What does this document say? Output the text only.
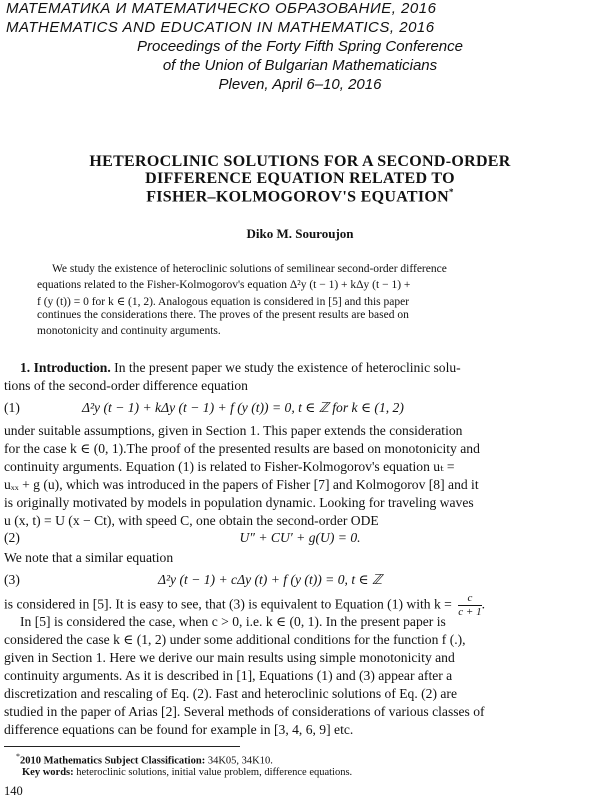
МАТЕМАТИКА И МАТЕМАТИЧЕСКО ОБРАЗОВАНИЕ, 2016
MATHEMATICS AND EDUCATION IN MATHEMATICS, 2016
Proceedings of the Forty Fifth Spring Conference
of the Union of Bulgarian Mathematicians
Pleven, April 6–10, 2016
HETEROCLINIC SOLUTIONS FOR A SECOND-ORDER
DIFFERENCE EQUATION RELATED TO
FISHER–KOLMOGOROV'S EQUATION*
Diko M. Souroujon
We study the existence of heteroclinic solutions of semilinear second-order difference
equations related to the Fisher-Kolmogorov's equation Δ²y (t − 1) + kΔy (t − 1) +
f (y (t)) = 0 for k ∈ (1, 2). Analogous equation is considered in [5] and this paper
continues the considerations there. The proves of the present results are based on
monotonicity and continuity arguments.
1. Introduction. In the present paper we study the existence of heteroclinic solu-
tions of the second-order difference equation
(1)	Δ²y (t − 1) + kΔy (t − 1) + f (y (t)) = 0, t ∈ ℤ for k ∈ (1, 2)
under suitable assumptions, given in Section 1. This paper extends the consideration
for the case k ∈ (0, 1).The proof of the presented results are based on monotonicity and
continuity arguments. Equation (1) is related to Fisher-Kolmogorov's equation uₜ =
uₓₓ + g (u), which was introduced in the papers of Fisher [7] and Kolmogorov [8] and it
is originally motivated by models in population dynamic. Looking for traveling waves
u (x, t) = U (x − Ct), with speed C, one obtain the second-order ODE
(2)	U″ + CU′ + g(U) = 0.
We note that a similar equation
(3)	Δ²y (t − 1) + cΔy (t) + f (y (t)) = 0, t ∈ ℤ
is considered in [5]. It is easy to see, that (3) is equivalent to Equation (1) with $k = \frac{c}{c + 1}$ .
In [5] is considered the case, when c > 0, i.e. k ∈ (0, 1). In the present paper is
considered the case k ∈ (1, 2) under some additional conditions for the function f (.),
given in Section 1. Here we derive our main results using simple monotonicity and
continuity arguments. As it is described in [1], Equations (1) and (3) appear after a
discretization and rescaling of Eq. (2). Fast and heteroclinic solutions of Eq. (2) are
studied in the paper of Arias [2]. Several methods of considerations of various classes of
difference equations can be found for example in [3, 4, 6, 9] etc.
*2010 Mathematics Subject Classification: 34K05, 34K10.
Key words: heteroclinic solutions, initial value problem, difference equations.
140
